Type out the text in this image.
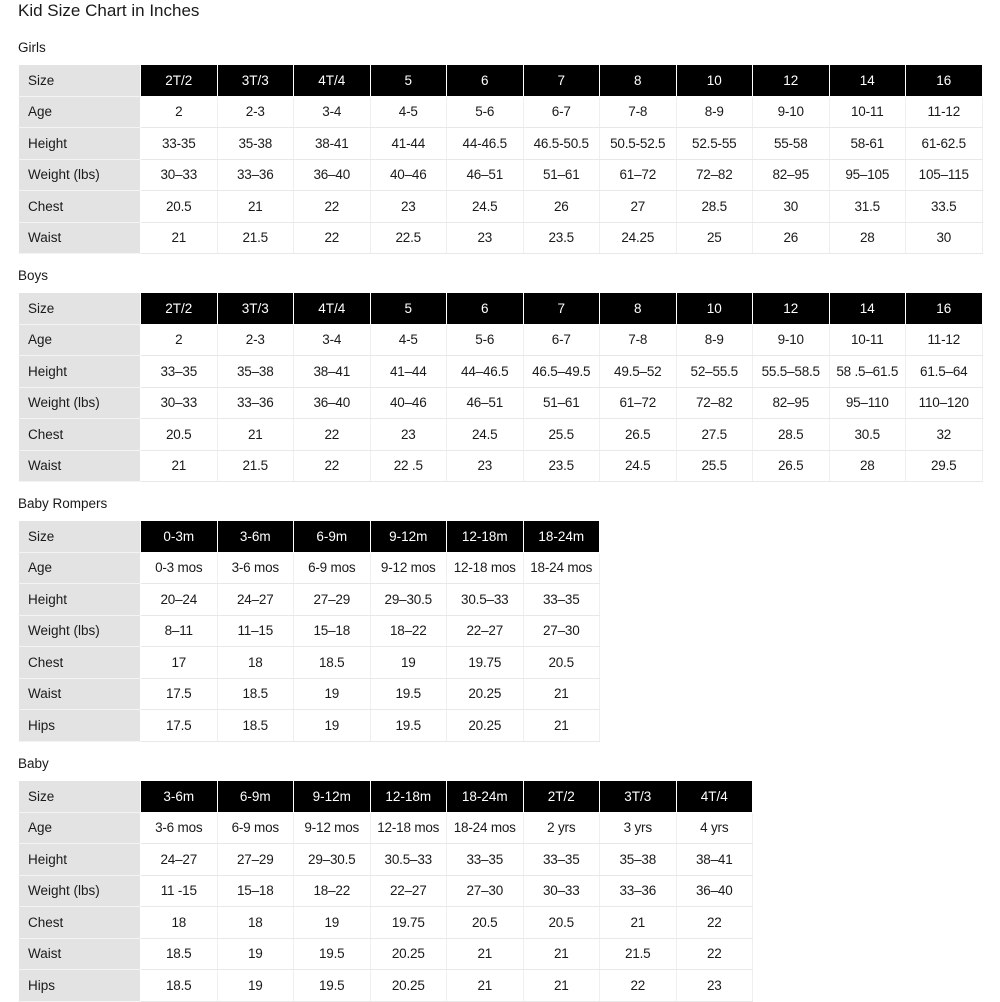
Kid Size Chart in Inches
Girls
Size	2T/2	3T/3	4T/4	5	6	7	8	10	12	14	16
Age	2	2-3	3-4	4-5	5-6	6-7	7-8	8-9	9-10	10-11	11-12
Height	33-35	35-38	38-41	41-44	44-46.5	46.5-50.5	50.5-52.5	52.5-55	55-58	58-61	61-62.5
Weight (lbs)	30–33	33–36	36–40	40–46	46–51	51–61	61–72	72–82	82–95	95–105	105–115
Chest	20.5	21	22	23	24.5	26	27	28.5	30	31.5	33.5
Waist	21	21.5	22	22.5	23	23.5	24.25	25	26	28	30
Boys
Size	2T/2	3T/3	4T/4	5	6	7	8	10	12	14	16
Age	2	2-3	3-4	4-5	5-6	6-7	7-8	8-9	9-10	10-11	11-12
Height	33–35	35–38	38–41	41–44	44–46.5	46.5–49.5	49.5–52	52–55.5	55.5–58.5	58 .5–61.5	61.5–64
Weight (lbs)	30–33	33–36	36–40	40–46	46–51	51–61	61–72	72–82	82–95	95–110	110–120
Chest	20.5	21	22	23	24.5	25.5	26.5	27.5	28.5	30.5	32
Waist	21	21.5	22	22 .5	23	23.5	24.5	25.5	26.5	28	29.5
Baby Rompers
Size	0-3m	3-6m	6-9m	9-12m	12-18m	18-24m
Age	0-3 mos	3-6 mos	6-9 mos	9-12 mos	12-18 mos	18-24 mos
Height	20–24	24–27	27–29	29–30.5	30.5–33	33–35
Weight (lbs)	8–11	11–15	15–18	18–22	22–27	27–30
Chest	17	18	18.5	19	19.75	20.5
Waist	17.5	18.5	19	19.5	20.25	21
Hips	17.5	18.5	19	19.5	20.25	21
Baby
Size	3-6m	6-9m	9-12m	12-18m	18-24m	2T/2	3T/3	4T/4
Age	3-6 mos	6-9 mos	9-12 mos	12-18 mos	18-24 mos	2 yrs	3 yrs	4 yrs
Height	24–27	27–29	29–30.5	30.5–33	33–35	33–35	35–38	38–41
Weight (lbs)	11 -15	15–18	18–22	22–27	27–30	30–33	33–36	36–40
Chest	18	18	19	19.75	20.5	20.5	21	22
Waist	18.5	19	19.5	20.25	21	21	21.5	22
Hips	18.5	19	19.5	20.25	21	21	22	23
